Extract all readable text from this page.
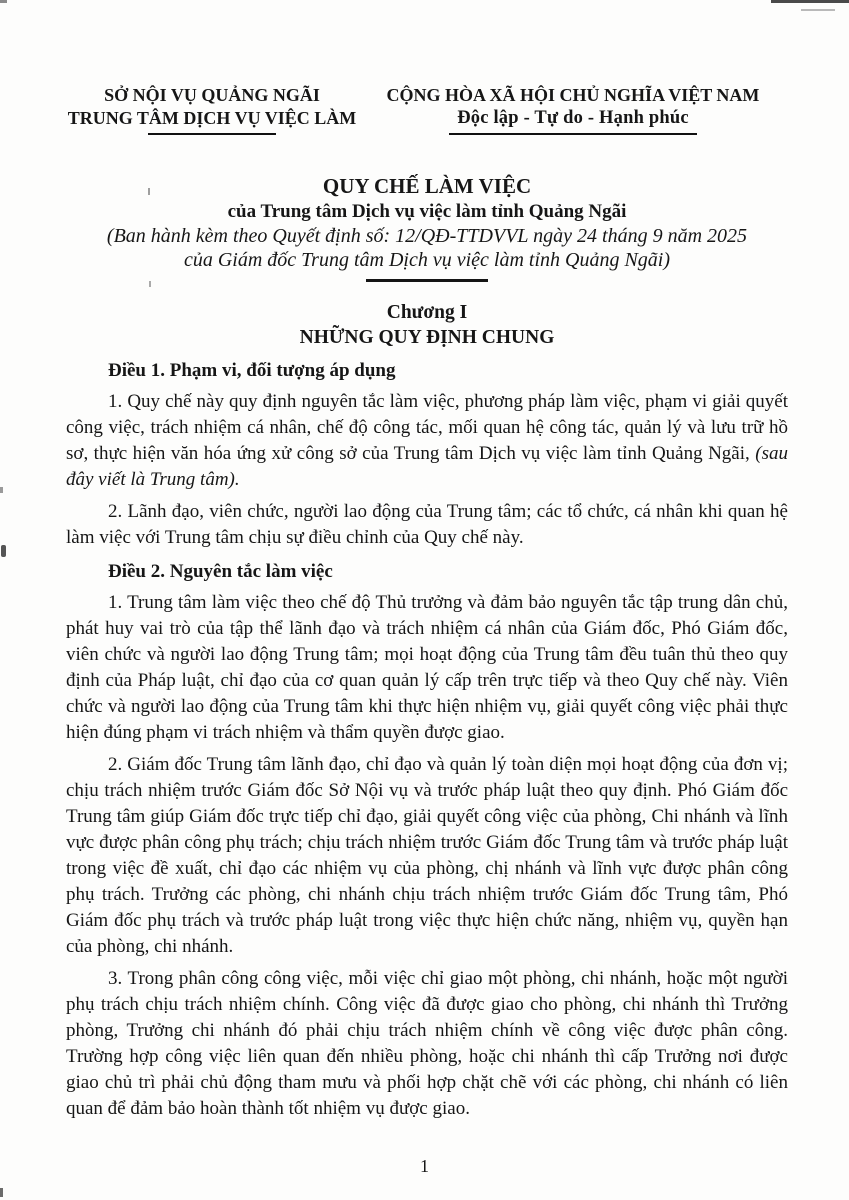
SỞ NỘI VỤ QUẢNG NGÃI
TRUNG TÂM DỊCH VỤ VIỆC LÀM
CỘNG HÒA XÃ HỘI CHỦ NGHĨA VIỆT NAM
Độc lập - Tự do - Hạnh phúc
QUY CHẾ LÀM VIỆC
của Trung tâm Dịch vụ việc làm tỉnh Quảng Ngãi
(Ban hành kèm theo Quyết định số: 12/QĐ-TTDVVL ngày 24 tháng 9 năm 2025
của Giám đốc Trung tâm Dịch vụ việc làm tỉnh Quảng Ngãi)
Chương I
NHỮNG QUY ĐỊNH CHUNG
Điều 1. Phạm vi, đối tượng áp dụng

1. Quy chế này quy định nguyên tắc làm việc, phương pháp làm việc, phạm vi giải quyết công việc, trách nhiệm cá nhân, chế độ công tác, mối quan hệ công tác, quản lý và lưu trữ hồ sơ, thực hiện văn hóa ứng xử công sở của Trung tâm Dịch vụ việc làm tỉnh Quảng Ngãi, (sau đây viết là Trung tâm).

2. Lãnh đạo, viên chức, người lao động của Trung tâm; các tổ chức, cá nhân khi quan hệ làm việc với Trung tâm chịu sự điều chỉnh của Quy chế này.

Điều 2. Nguyên tắc làm việc

1. Trung tâm làm việc theo chế độ Thủ trưởng và đảm bảo nguyên tắc tập trung dân chủ, phát huy vai trò của tập thể lãnh đạo và trách nhiệm cá nhân của Giám đốc, Phó Giám đốc, viên chức và người lao động Trung tâm; mọi hoạt động của Trung tâm đều tuân thủ theo quy định của Pháp luật, chỉ đạo của cơ quan quản lý cấp trên trực tiếp và theo Quy chế này. Viên chức và người lao động của Trung tâm khi thực hiện nhiệm vụ, giải quyết công việc phải thực hiện đúng phạm vi trách nhiệm và thẩm quyền được giao.

2. Giám đốc Trung tâm lãnh đạo, chỉ đạo và quản lý toàn diện mọi hoạt động của đơn vị; chịu trách nhiệm trước Giám đốc Sở Nội vụ và trước pháp luật theo quy định. Phó Giám đốc Trung tâm giúp Giám đốc trực tiếp chỉ đạo, giải quyết công việc của phòng, Chi nhánh và lĩnh vực được phân công phụ trách; chịu trách nhiệm trước Giám đốc Trung tâm và trước pháp luật trong việc đề xuất, chỉ đạo các nhiệm vụ của phòng, chị nhánh và lĩnh vực được phân công phụ trách. Trưởng các phòng, chi nhánh chịu trách nhiệm trước Giám đốc Trung tâm, Phó Giám đốc phụ trách và trước pháp luật trong việc thực hiện chức năng, nhiệm vụ, quyền hạn của phòng, chi nhánh.

3. Trong phân công công việc, mỗi việc chỉ giao một phòng, chi nhánh, hoặc một người phụ trách chịu trách nhiệm chính. Công việc đã được giao cho phòng, chi nhánh thì Trưởng phòng, Trưởng chi nhánh đó phải chịu trách nhiệm chính về công việc được phân công. Trường hợp công việc liên quan đến nhiều phòng, hoặc chi nhánh thì cấp Trưởng nơi được giao chủ trì phải chủ động tham mưu và phối hợp chặt chẽ với các phòng, chi nhánh có liên quan để đảm bảo hoàn thành tốt nhiệm vụ được giao.

1
